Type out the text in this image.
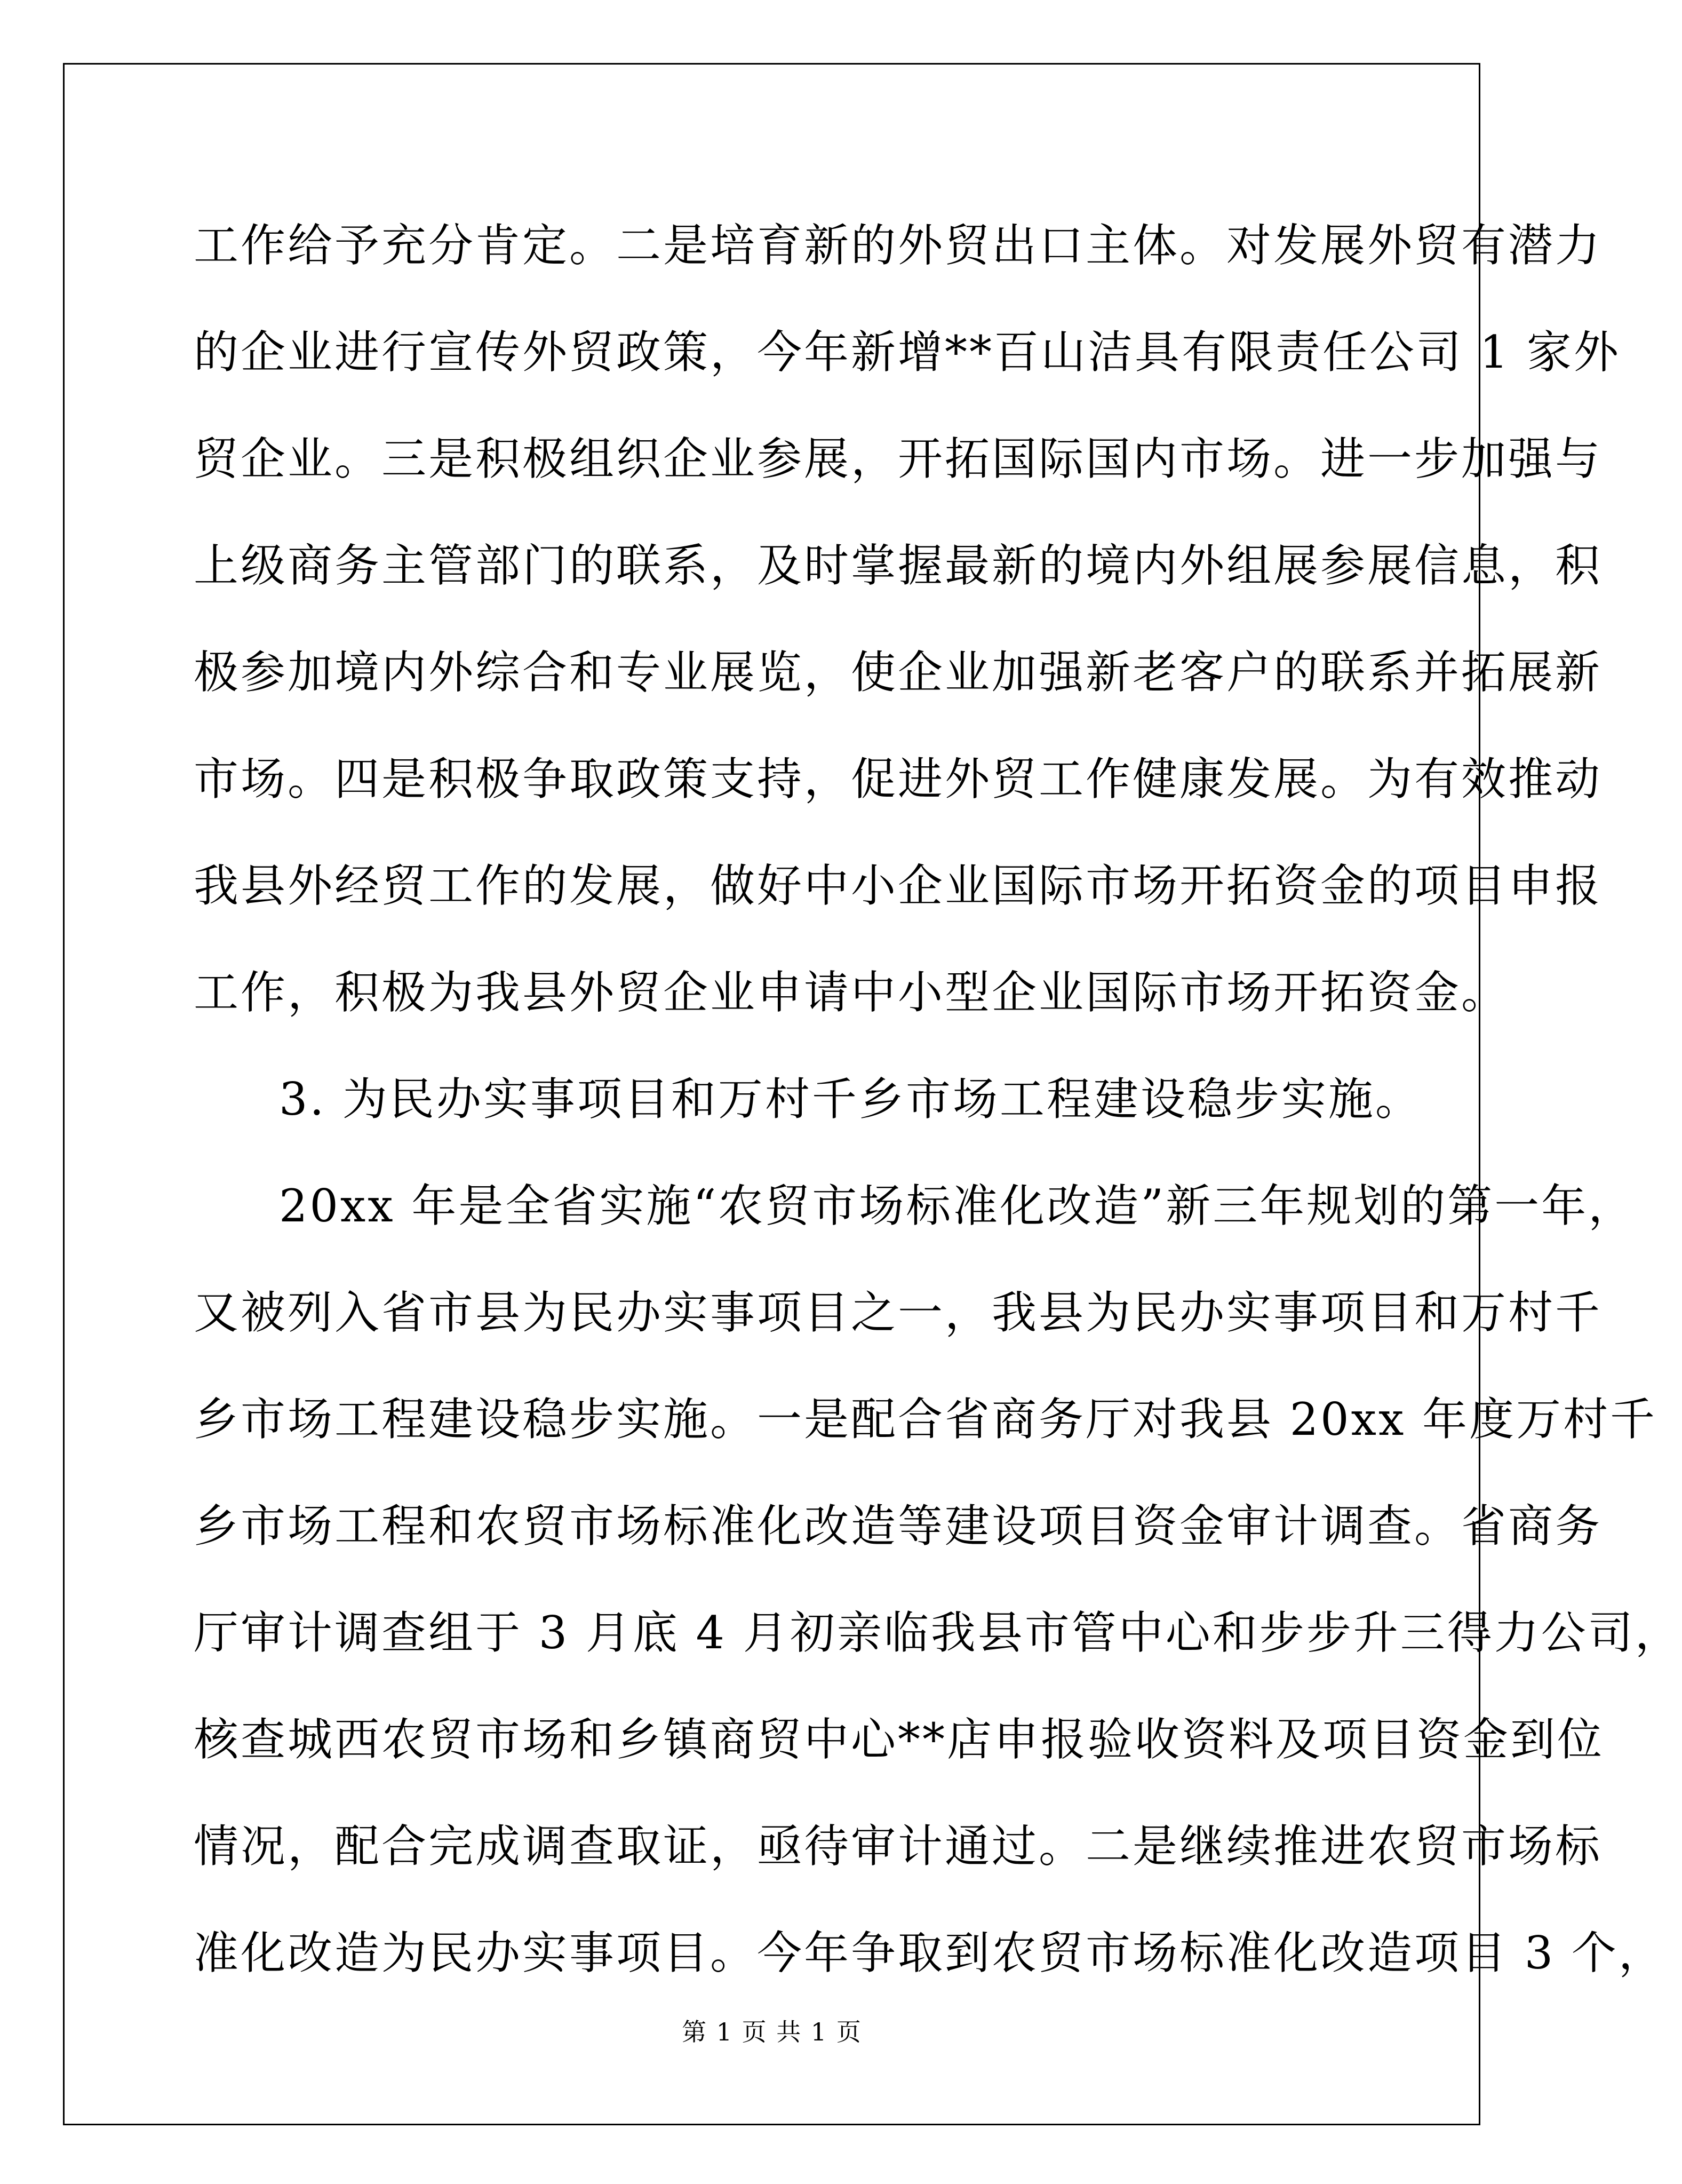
工作给予充分肯定。二是培育新的外贸出口主体。对发展外贸有潜力
的企业进行宣传外贸政策，今年新增**百山洁具有限责任公司 1 家外
贸企业。三是积极组织企业参展，开拓国际国内市场。进一步加强与
上级商务主管部门的联系，及时掌握最新的境内外组展参展信息，积
极参加境内外综合和专业展览，使企业加强新老客户的联系并拓展新
市场。四是积极争取政策支持，促进外贸工作健康发展。为有效推动
我县外经贸工作的发展，做好中小企业国际市场开拓资金的项目申报
工作，积极为我县外贸企业申请中小型企业国际市场开拓资金。
3. 为民办实事项目和万村千乡市场工程建设稳步实施。
20xx 年是全省实施“农贸市场标准化改造”新三年规划的第一年，
又被列入省市县为民办实事项目之一，我县为民办实事项目和万村千
乡市场工程建设稳步实施。一是配合省商务厅对我县 20xx 年度万村千
乡市场工程和农贸市场标准化改造等建设项目资金审计调查。省商务
厅审计调查组于 3 月底 4 月初亲临我县市管中心和步步升三得力公司，
核查城西农贸市场和乡镇商贸中心**店申报验收资料及项目资金到位
情况，配合完成调查取证，亟待审计通过。二是继续推进农贸市场标
准化改造为民办实事项目。今年争取到农贸市场标准化改造项目 3 个，
第 1 页 共 1 页
